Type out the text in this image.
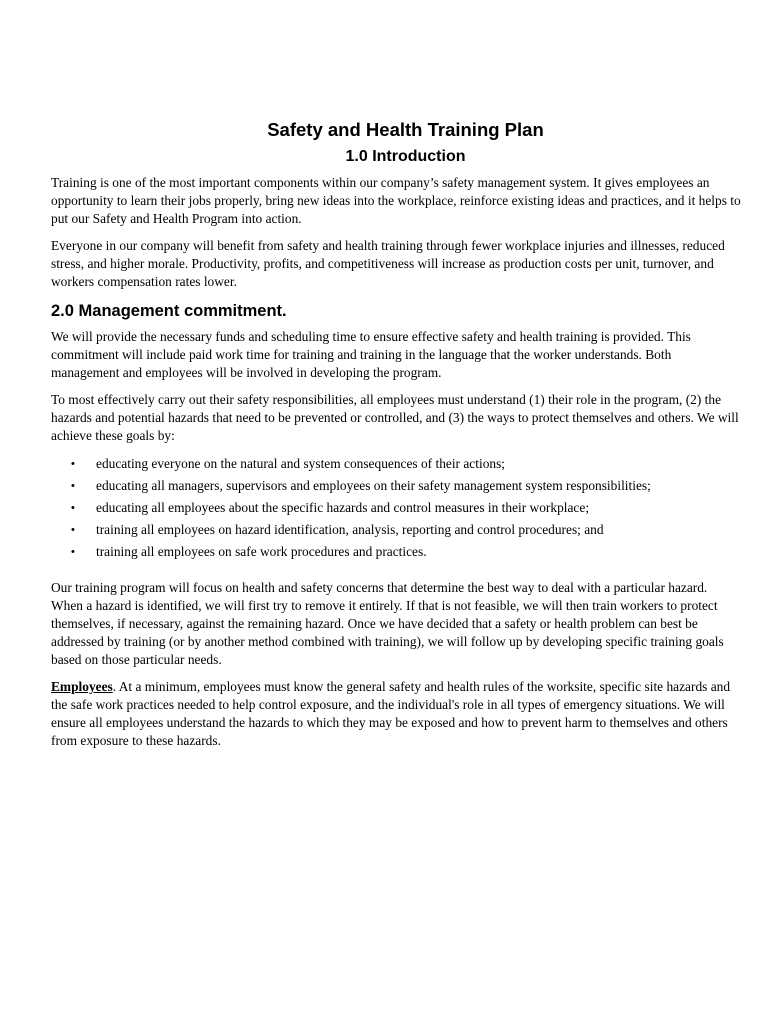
Safety and Health Training Plan
1.0 Introduction

Training is one of the most important components within our company’s safety management system. It gives employees an opportunity to learn their jobs properly, bring new ideas into the workplace, reinforce existing ideas and practices, and it helps to put our Safety and Health Program into action.

Everyone in our company will benefit from safety and health training through fewer workplace injuries and illnesses, reduced stress, and higher morale. Productivity, profits, and competitiveness will increase as production costs per unit, turnover, and workers compensation rates lower.

2.0 Management commitment.

We will provide the necessary funds and scheduling time to ensure effective safety and health training is provided. This commitment will include paid work time for training and training in the language that the worker understands. Both management and employees will be involved in developing the program.

To most effectively carry out their safety responsibilities, all employees must understand (1) their role in the program, (2) the hazards and potential hazards that need to be prevented or controlled, and (3) the ways to protect themselves and others. We will achieve these goals by:

• educating everyone on the natural and system consequences of their actions;
• educating all managers, supervisors and employees on their safety management system responsibilities;
• educating all employees about the specific hazards and control measures in their workplace;
• training all employees on hazard identification, analysis, reporting and control procedures; and
• training all employees on safe work procedures and practices.

Our training program will focus on health and safety concerns that determine the best way to deal with a particular hazard. When a hazard is identified, we will first try to remove it entirely. If that is not feasible, we will then train workers to protect themselves, if necessary, against the remaining hazard. Once we have decided that a safety or health problem can best be addressed by training (or by another method combined with training), we will follow up by developing specific training goals based on those particular needs.

Employees. At a minimum, employees must know the general safety and health rules of the worksite, specific site hazards and the safe work practices needed to help control exposure, and the individual's role in all types of emergency situations. We will ensure all employees understand the hazards to which they may be exposed and how to prevent harm to themselves and others from exposure to these hazards.
